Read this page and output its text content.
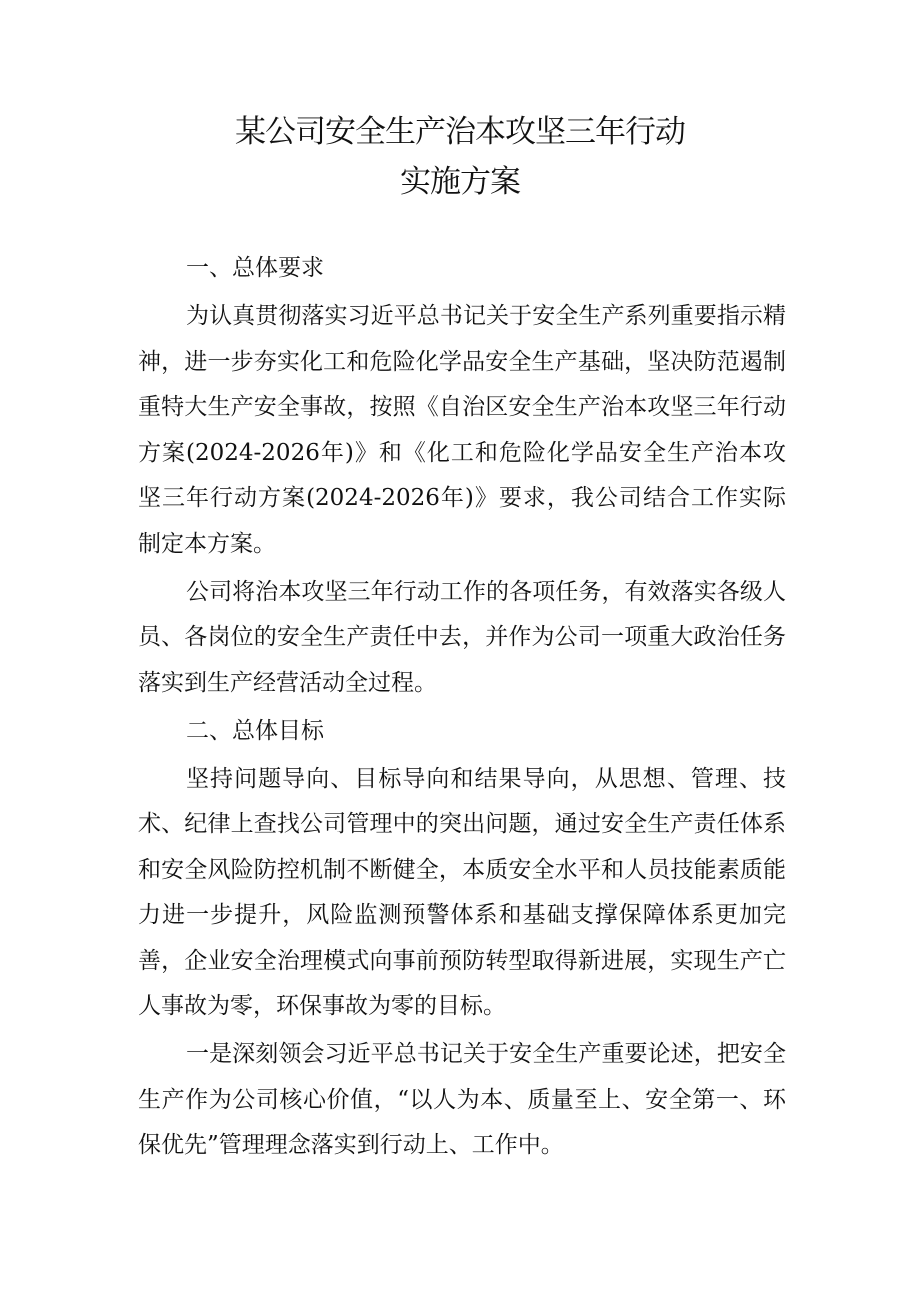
某公司安全生产治本攻坚三年行动
实施方案

一、总体要求

为认真贯彻落实习近平总书记关于安全生产系列重要指示精神，进一步夯实化工和危险化学品安全生产基础，坚决防范遏制重特大生产安全事故，按照《自治区安全生产治本攻坚三年行动方案(2024-2026年)》和《化工和危险化学品安全生产治本攻坚三年行动方案(2024-2026年)》要求，我公司结合工作实际制定本方案。

公司将治本攻坚三年行动工作的各项任务，有效落实各级人员、各岗位的安全生产责任中去，并作为公司一项重大政治任务落实到生产经营活动全过程。

二、总体目标

坚持问题导向、目标导向和结果导向，从思想、管理、技术、纪律上查找公司管理中的突出问题，通过安全生产责任体系和安全风险防控机制不断健全，本质安全水平和人员技能素质能力进一步提升，风险监测预警体系和基础支撑保障体系更加完善，企业安全治理模式向事前预防转型取得新进展，实现生产亡人事故为零，环保事故为零的目标。

一是深刻领会习近平总书记关于安全生产重要论述，把安全生产作为公司核心价值，“以人为本、质量至上、安全第一、环保优先”管理理念落实到行动上、工作中。
